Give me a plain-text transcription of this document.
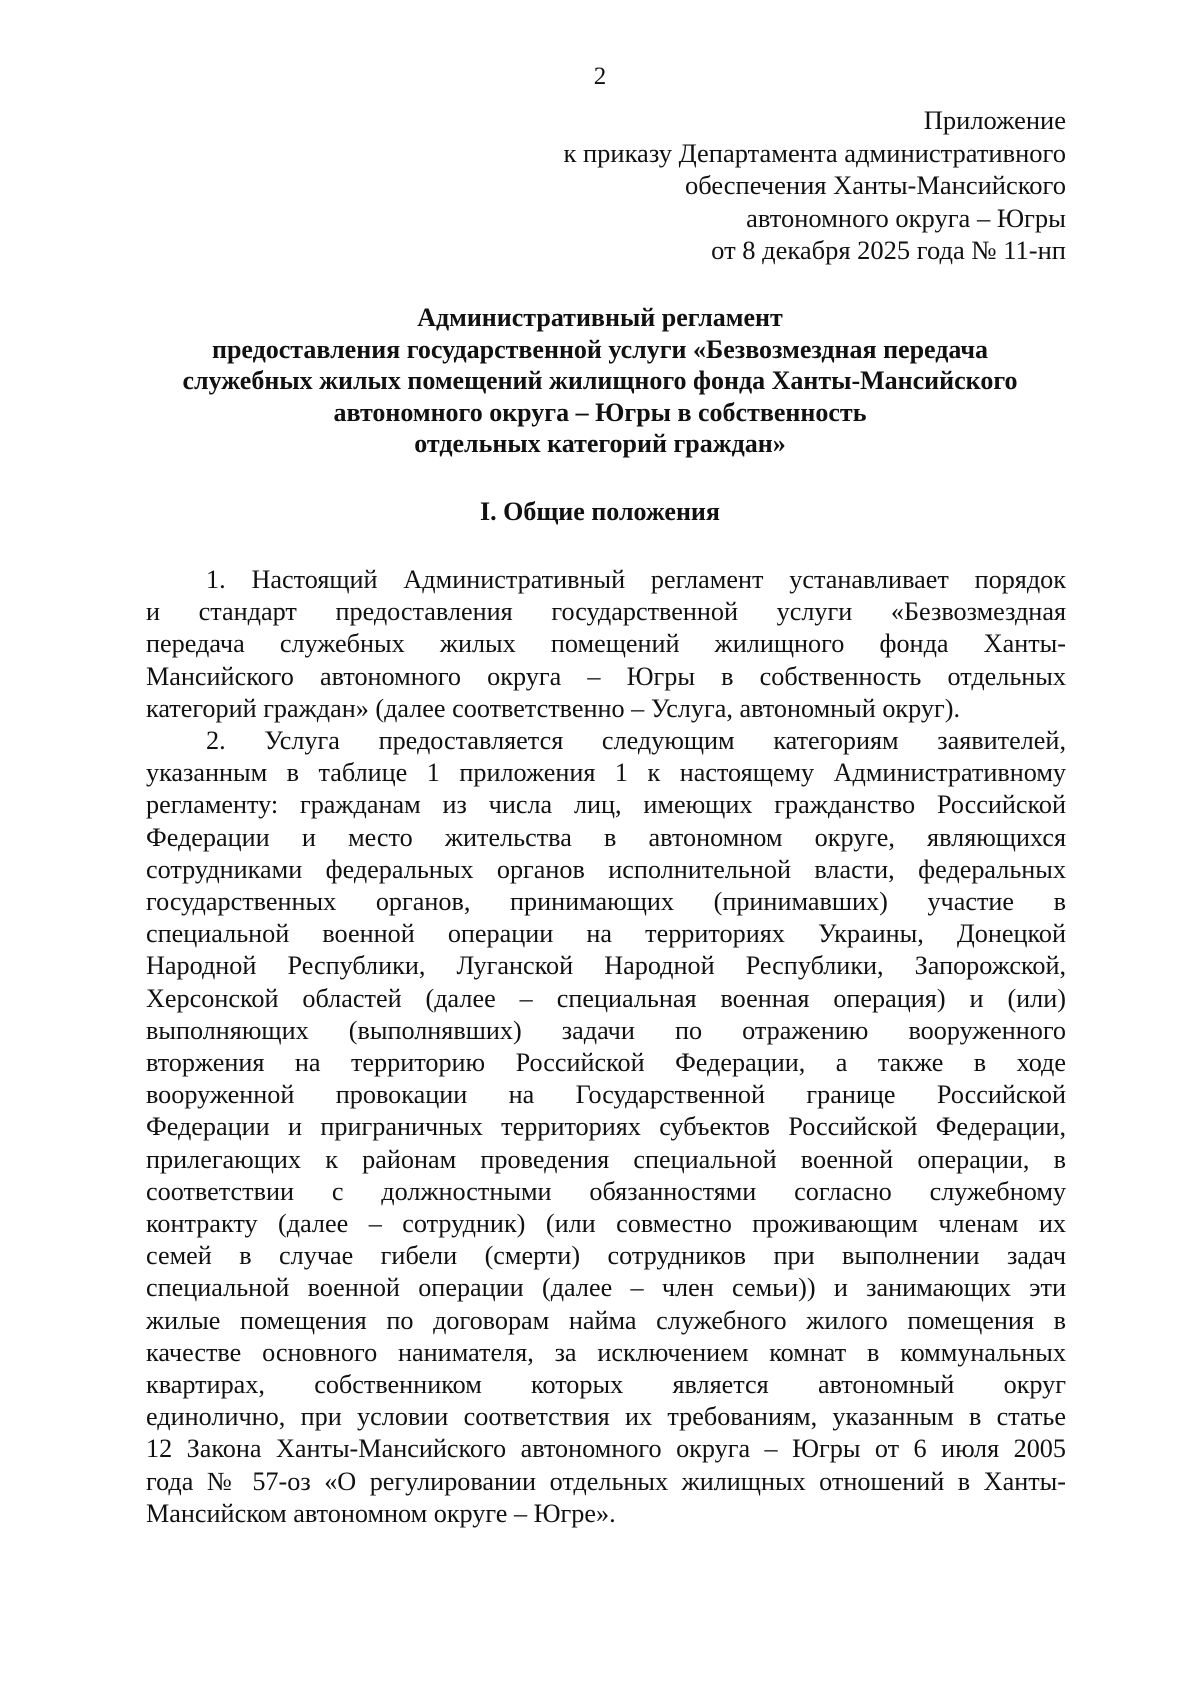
2
Приложение
к приказу Департамента административного
обеспечения Ханты-Мансийского
автономного округа – Югры
от 8 декабря 2025 года № 11-нп
Административный регламент
предоставления государственной услуги «Безвозмездная передача
служебных жилых помещений жилищного фонда Ханты-Мансийского
автономного округа – Югры в собственность
отдельных категорий граждан»
I. Общие положения
1. Настоящий Административный регламент устанавливает порядок
и стандарт предоставления государственной услуги «Безвозмездная
передача служебных жилых помещений жилищного фонда Ханты-
Мансийского автономного округа – Югры в собственность отдельных
категорий граждан» (далее соответственно – Услуга, автономный округ).
2. Услуга предоставляется следующим категориям заявителей,
указанным в таблице 1 приложения 1 к настоящему Административному
регламенту: гражданам из числа лиц, имеющих гражданство Российской
Федерации и место жительства в автономном округе, являющихся
сотрудниками федеральных органов исполнительной власти, федеральных
государственных органов, принимающих (принимавших) участие в
специальной военной операции на территориях Украины, Донецкой
Народной Республики, Луганской Народной Республики, Запорожской,
Херсонской областей (далее – специальная военная операция) и (или)
выполняющих (выполнявших) задачи по отражению вооруженного
вторжения на территорию Российской Федерации, а также в ходе
вооруженной провокации на Государственной границе Российской
Федерации и приграничных территориях субъектов Российской Федерации,
прилегающих к районам проведения специальной военной операции, в
соответствии с должностными обязанностями согласно служебному
контракту (далее – сотрудник) (или совместно проживающим членам их
семей в случае гибели (смерти) сотрудников при выполнении задач
специальной военной операции (далее – член семьи)) и занимающих эти
жилые помещения по договорам найма служебного жилого помещения в
качестве основного нанимателя, за исключением комнат в коммунальных
квартирах, собственником которых является автономный округ
единолично, при условии соответствия их требованиям, указанным в статье
12 Закона Ханты-Мансийского автономного округа – Югры от 6 июля 2005
года № 57-оз «О регулировании отдельных жилищных отношений в Ханты-
Мансийском автономном округе – Югре».
